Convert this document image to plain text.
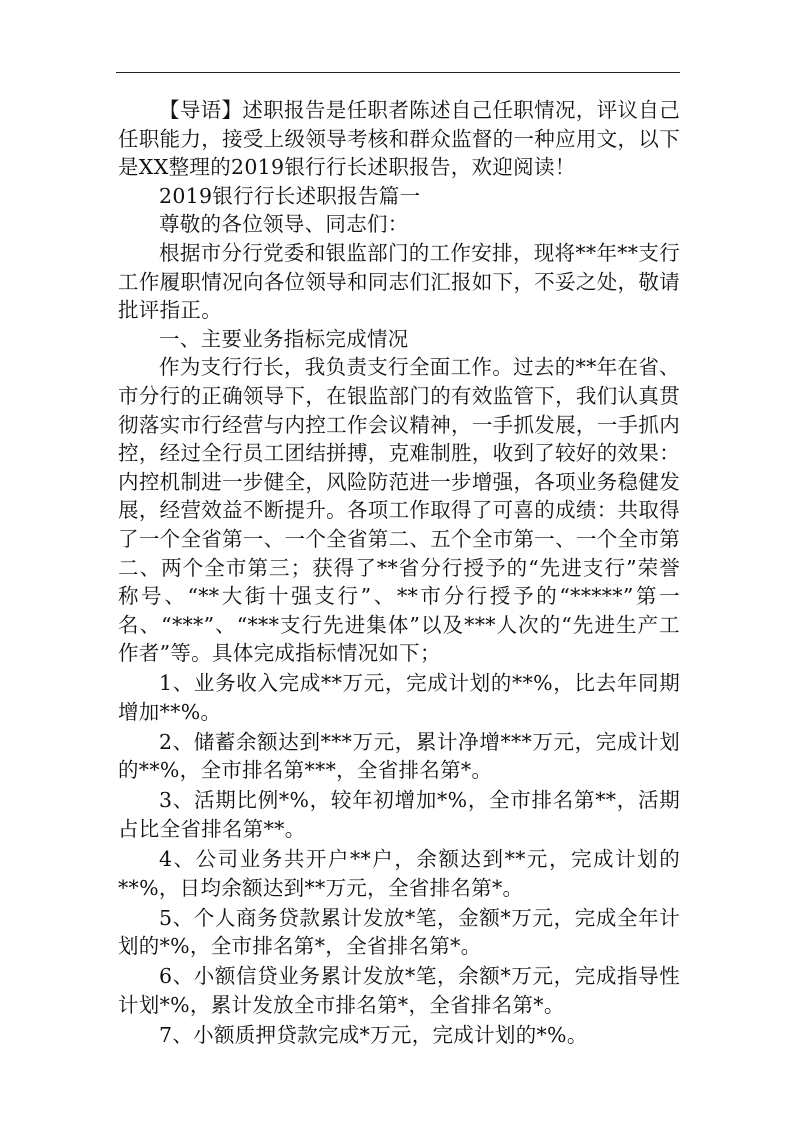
【导语】述职报告是任职者陈述自己任职情况，评议自己任职能力，接受上级领导考核和群众监督的一种应用文，以下是XX整理的2019银行行长述职报告，欢迎阅读！

2019银行行长述职报告篇一

尊敬的各位领导、同志们：

根据市分行党委和银监部门的工作安排，现将**年**支行工作履职情况向各位领导和同志们汇报如下，不妥之处，敬请批评指正。

一、主要业务指标完成情况

作为支行行长，我负责支行全面工作。过去的**年在省、市分行的正确领导下，在银监部门的有效监管下，我们认真贯彻落实市行经营与内控工作会议精神，一手抓发展，一手抓内控，经过全行员工团结拼搏，克难制胜，收到了较好的效果：内控机制进一步健全，风险防范进一步增强，各项业务稳健发展，经营效益不断提升。各项工作取得了可喜的成绩：共取得了一个全省第一、一个全省第二、五个全市第一、一个全市第二、两个全市第三；获得了**省分行授予的“先进支行”荣誉称号、“**大街十强支行”、**市分行授予的“*****”第一名、“***”、“***支行先进集体”以及***人次的“先进生产工作者”等。具体完成指标情况如下；

1、业务收入完成**万元，完成计划的**%，比去年同期增加**%。

2、储蓄余额达到***万元，累计净增***万元，完成计划的**%，全市排名第***，全省排名第*。

3、活期比例*%，较年初增加*%，全市排名第**，活期占比全省排名第**。

4、公司业务共开户**户，余额达到**元，完成计划的**%，日均余额达到**万元，全省排名第*。

5、个人商务贷款累计发放*笔，金额*万元，完成全年计划的*%，全市排名第*，全省排名第*。

6、小额信贷业务累计发放*笔，余额*万元，完成指导性计划*%，累计发放全市排名第*，全省排名第*。

7、小额质押贷款完成*万元，完成计划的*%。
